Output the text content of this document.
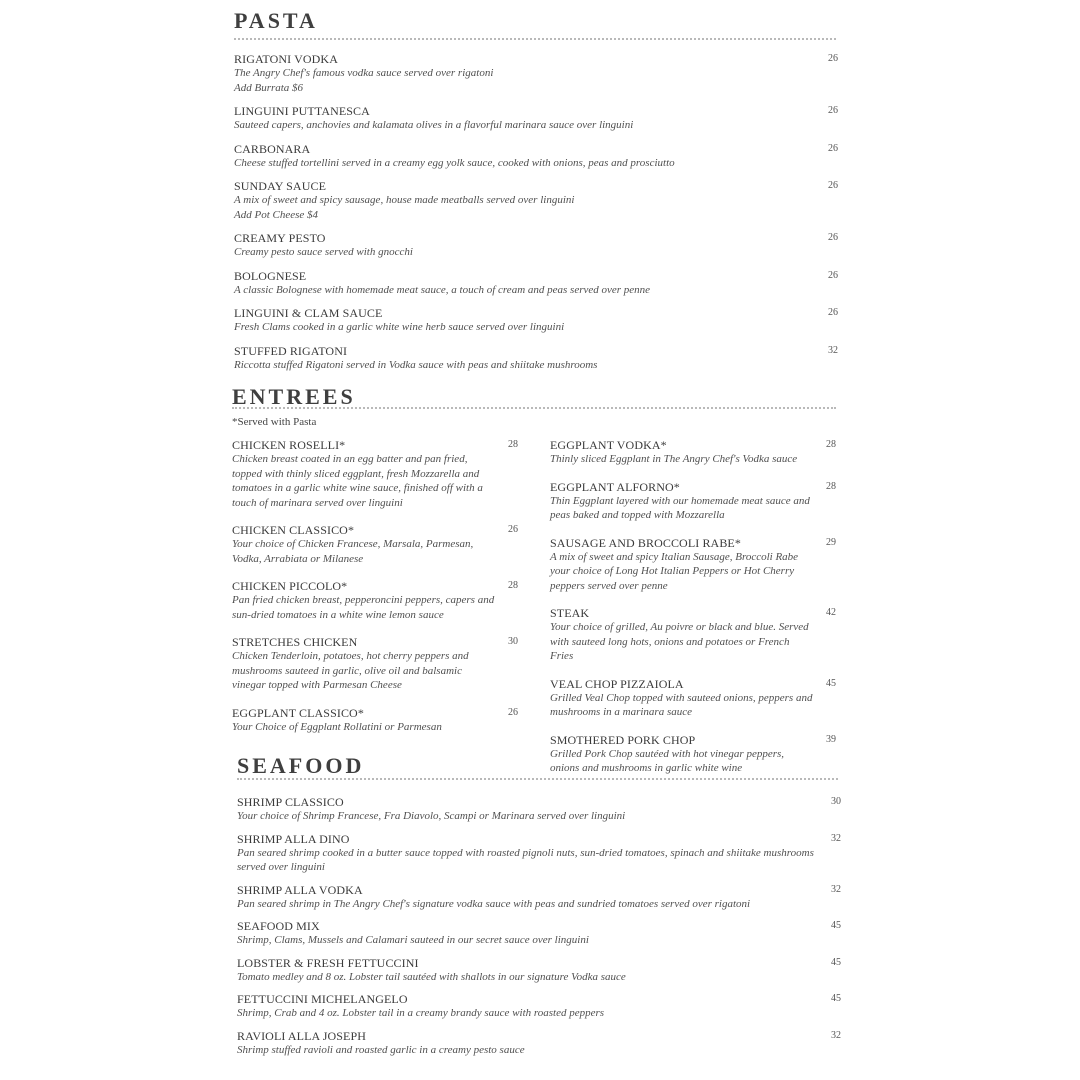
PASTA
RIGATONI VODKA
The Angry Chef's famous vodka sauce served over rigatoni
Add Burrata $6
26
LINGUINI PUTTANESCA
Sauteed capers, anchovies and kalamata olives in a flavorful marinara sauce over linguini
26
CARBONARA
Cheese stuffed tortellini served in a creamy egg yolk sauce, cooked with onions, peas and prosciutto
26
SUNDAY SAUCE
A mix of sweet and spicy sausage, house made meatballs served over linguini
Add Pot Cheese $4
26
CREAMY PESTO
Creamy pesto sauce served with gnocchi
26
BOLOGNESE
A classic Bolognese with homemade meat sauce, a touch of cream and peas served over penne
26
LINGUINI & CLAM SAUCE
Fresh Clams cooked in a garlic white wine herb sauce served over linguini
26
STUFFED RIGATONI
Riccotta stuffed Rigatoni served in Vodka sauce with peas and shiitake mushrooms
32
ENTREES
*Served with Pasta
CHICKEN ROSELLI*
Chicken breast coated in an egg batter and pan fried, topped with thinly sliced eggplant, fresh Mozzarella and tomatoes in a garlic white wine sauce, finished off with a touch of marinara served over linguini
28
CHICKEN CLASSICO*
Your choice of Chicken Francese, Marsala, Parmesan, Vodka, Arrabiata or Milanese
26
CHICKEN PICCOLO*
Pan fried chicken breast, pepperoncini peppers, capers and sun-dried tomatoes in a white wine lemon sauce
28
STRETCHES CHICKEN
Chicken Tenderloin, potatoes, hot cherry peppers and mushrooms sauteed in garlic, olive oil and balsamic vinegar topped with Parmesan Cheese
30
EGGPLANT CLASSICO*
Your Choice of Eggplant Rollatini or Parmesan
26
EGGPLANT VODKA*
Thinly sliced Eggplant in The Angry Chef's Vodka sauce
28
EGGPLANT ALFORNO*
Thin Eggplant layered with our homemade meat sauce and peas baked and topped with Mozzarella
28
SAUSAGE AND BROCCOLI RABE*
A mix of sweet and spicy Italian Sausage, Broccoli Rabe your choice of Long Hot Italian Peppers or Hot Cherry peppers served over penne
29
STEAK
Your choice of grilled, Au poivre or black and blue. Served with sauteed long hots, onions and potatoes or French Fries
42
VEAL CHOP PIZZAIOLA
Grilled Veal Chop topped with sauteed onions, peppers and mushrooms in a marinara sauce
45
SMOTHERED PORK CHOP
Grilled Pork Chop sautéed with hot vinegar peppers, onions and mushrooms in garlic white wine
39
SEAFOOD
SHRIMP CLASSICO
Your choice of Shrimp Francese, Fra Diavolo, Scampi or Marinara served over linguini
30
SHRIMP ALLA DINO
Pan seared shrimp cooked in a butter sauce topped with roasted pignoli nuts, sun-dried tomatoes, spinach and shiitake mushrooms served over linguini
32
SHRIMP ALLA VODKA
Pan seared shrimp in The Angry Chef's signature vodka sauce with peas and sundried tomatoes served over rigatoni
32
SEAFOOD MIX
Shrimp, Clams, Mussels and Calamari sauteed in our secret sauce over linguini
45
LOBSTER & FRESH FETTUCCINI
Tomato medley and 8 oz. Lobster tail sautéed with shallots in our signature Vodka sauce
45
FETTUCCINI MICHELANGELO
Shrimp, Crab and 4 oz. Lobster tail in a creamy brandy sauce with roasted peppers
45
RAVIOLI ALLA JOSEPH
Shrimp stuffed ravioli and roasted garlic in a creamy pesto sauce
32
